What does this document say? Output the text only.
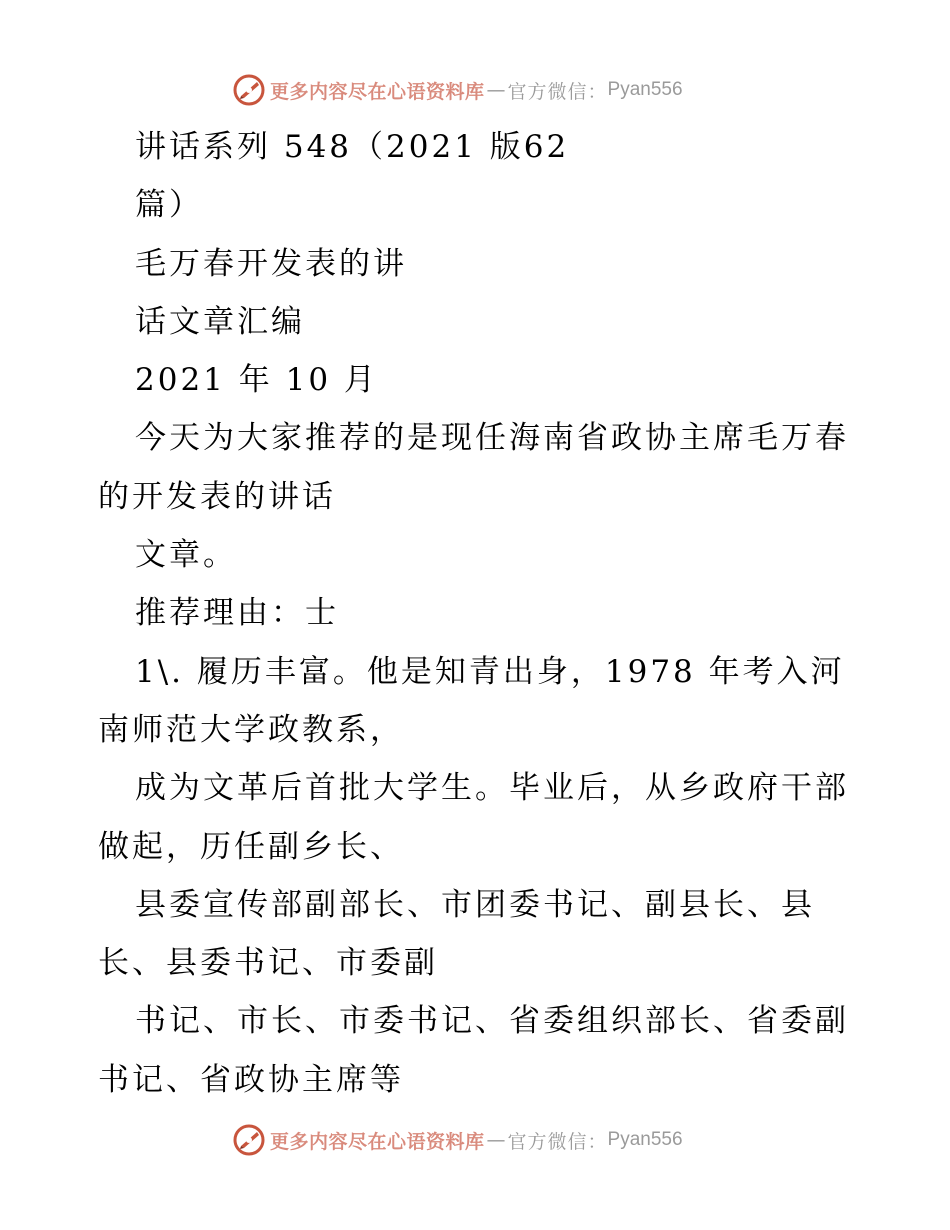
更多内容尽在心语资料库 — 官方微信： Pyan556

讲话系列 548（2021 版62

篇）

毛万春开发表的讲

话文章汇编

2021 年 10 月

今天为大家推荐的是现任海南省政协主席毛万春的开发表的讲话

文章。

推荐理由：士

1\. 履历丰富。他是知青出身，1978 年考入河南师范大学政教系，

成为文革后首批大学生。毕业后，从乡政府干部做起，历任副乡长、

县委宣传部副部长、市团委书记、副县长、县长、县委书记、市委副

书记、市长、市委书记、省委组织部长、省委副书记、省政协主席等

更多内容尽在心语资料库 — 官方微信： Pyan556
